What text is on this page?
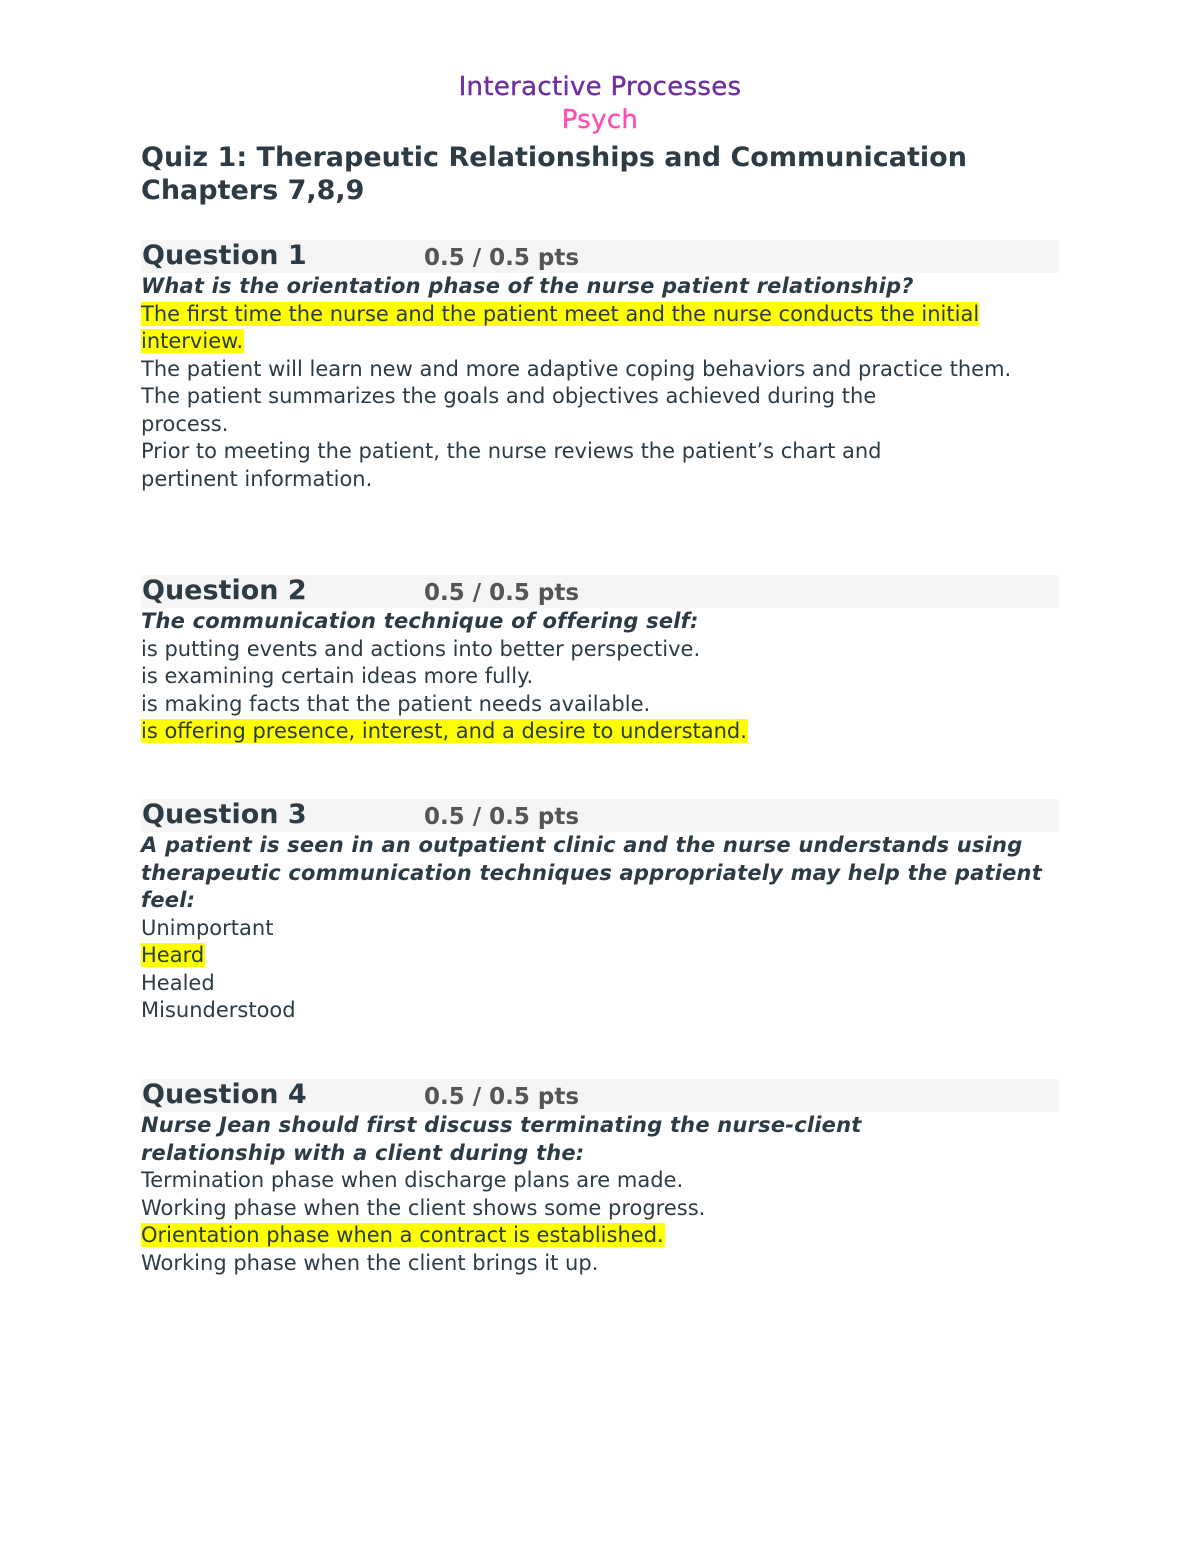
Interactive Processes
Psych
Quiz 1: Therapeutic Relationships and Communication Chapters 7,8,9
Question 1	0.5 / 0.5 pts
What is the orientation phase of the nurse patient relationship?
The first time the nurse and the patient meet and the nurse conducts the initial interview.
The patient will learn new and more adaptive coping behaviors and practice them.
The patient summarizes the goals and objectives achieved during the process.
Prior to meeting the patient, the nurse reviews the patient’s chart and pertinent information.
Question 2	0.5 / 0.5 pts
The communication technique of offering self:
is putting events and actions into better perspective.
is examining certain ideas more fully.
is making facts that the patient needs available.
is offering presence, interest, and a desire to understand.
Question 3	0.5 / 0.5 pts
A patient is seen in an outpatient clinic and the nurse understands using therapeutic communication techniques appropriately may help the patient feel:
Unimportant
Heard
Healed
Misunderstood
Question 4	0.5 / 0.5 pts
Nurse Jean should first discuss terminating the nurse-client relationship with a client during the:
Termination phase when discharge plans are made.
Working phase when the client shows some progress.
Orientation phase when a contract is established.
Working phase when the client brings it up.
